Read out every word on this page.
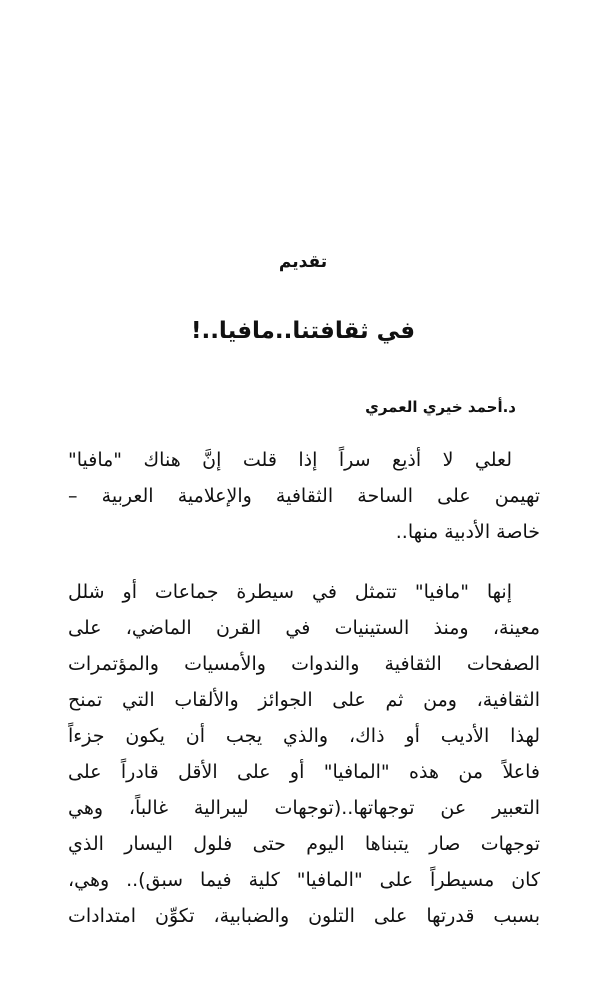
تقديم
في ثقافتنا..مافيا..!
د.أحمد خيري العمري

لعلي لا أذيع سراً إذا قلت إنَّ هناك "مافيا"
تهيمن على الساحة الثقافية والإعلامية العربية –
خاصة الأدبية منها..

إنها "مافيا" تتمثل في سيطرة جماعات أو شلل
معينة، ومنذ الستينيات في القرن الماضي، على
الصفحات الثقافية والندوات والأمسيات والمؤتمرات
الثقافية، ومن ثم على الجوائز والألقاب التي تمنح
لهذا الأديب أو ذاك، والذي يجب أن يكون جزءاً
فاعلاً من هذه "المافيا" أو على الأقل قادراً على
التعبير عن توجهاتها..(توجهات ليبرالية غالباً، وهي
توجهات صار يتبناها اليوم حتى فلول اليسار الذي
كان مسيطراً على "المافيا" كلية فيما سبق).. وهي،
بسبب قدرتها على التلون والضبابية، تكوِّن امتدادات
